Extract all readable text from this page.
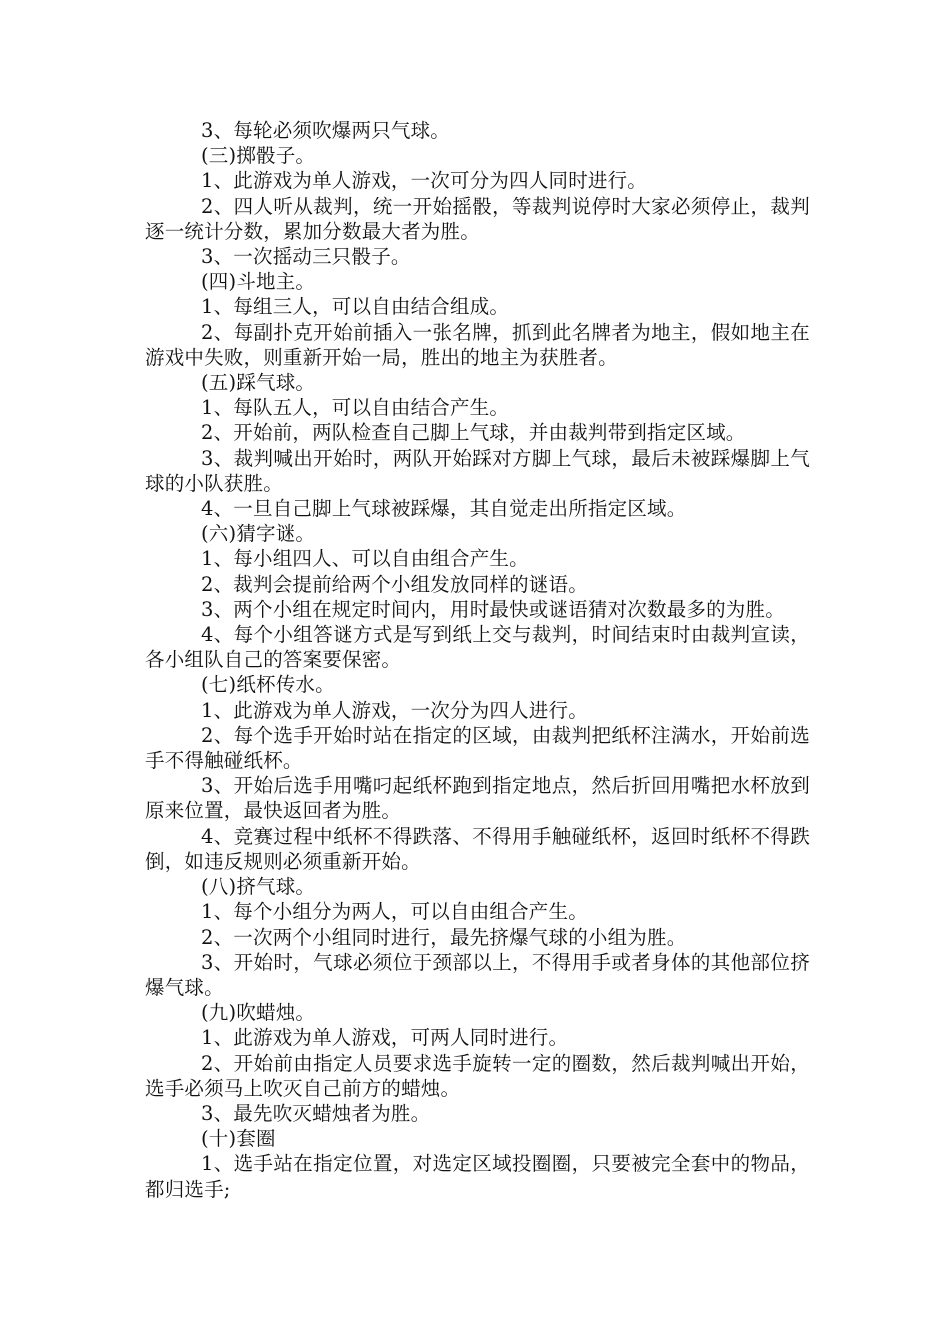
3、每轮必须吹爆两只气球。

(三)掷骰子。

1、此游戏为单人游戏，一次可分为四人同时进行。

2、四人听从裁判，统一开始摇骰，等裁判说停时大家必须停止，裁判逐一统计分数，累加分数最大者为胜。

3、一次摇动三只骰子。

(四)斗地主。

1、每组三人，可以自由结合组成。

2、每副扑克开始前插入一张名牌，抓到此名牌者为地主，假如地主在游戏中失败，则重新开始一局，胜出的地主为获胜者。

(五)踩气球。

1、每队五人，可以自由结合产生。

2、开始前，两队检查自己脚上气球，并由裁判带到指定区域。

3、裁判喊出开始时，两队开始踩对方脚上气球，最后未被踩爆脚上气球的小队获胜。

4、一旦自己脚上气球被踩爆，其自觉走出所指定区域。

(六)猜字谜。

1、每小组四人、可以自由组合产生。

2、裁判会提前给两个小组发放同样的谜语。

3、两个小组在规定时间内，用时最快或谜语猜对次数最多的为胜。

4、每个小组答谜方式是写到纸上交与裁判，时间结束时由裁判宣读，各小组队自己的答案要保密。

(七)纸杯传水。

1、此游戏为单人游戏，一次分为四人进行。

2、每个选手开始时站在指定的区域，由裁判把纸杯注满水，开始前选手不得触碰纸杯。

3、开始后选手用嘴叼起纸杯跑到指定地点，然后折回用嘴把水杯放到原来位置，最快返回者为胜。

4、竞赛过程中纸杯不得跌落、不得用手触碰纸杯，返回时纸杯不得跌倒，如违反规则必须重新开始。

(八)挤气球。

1、每个小组分为两人，可以自由组合产生。

2、一次两个小组同时进行，最先挤爆气球的小组为胜。

3、开始时，气球必须位于颈部以上，不得用手或者身体的其他部位挤爆气球。

(九)吹蜡烛。

1、此游戏为单人游戏，可两人同时进行。

2、开始前由指定人员要求选手旋转一定的圈数，然后裁判喊出开始，选手必须马上吹灭自己前方的蜡烛。

3、最先吹灭蜡烛者为胜。

(十)套圈

1、选手站在指定位置，对选定区域投圈圈，只要被完全套中的物品，都归选手;
